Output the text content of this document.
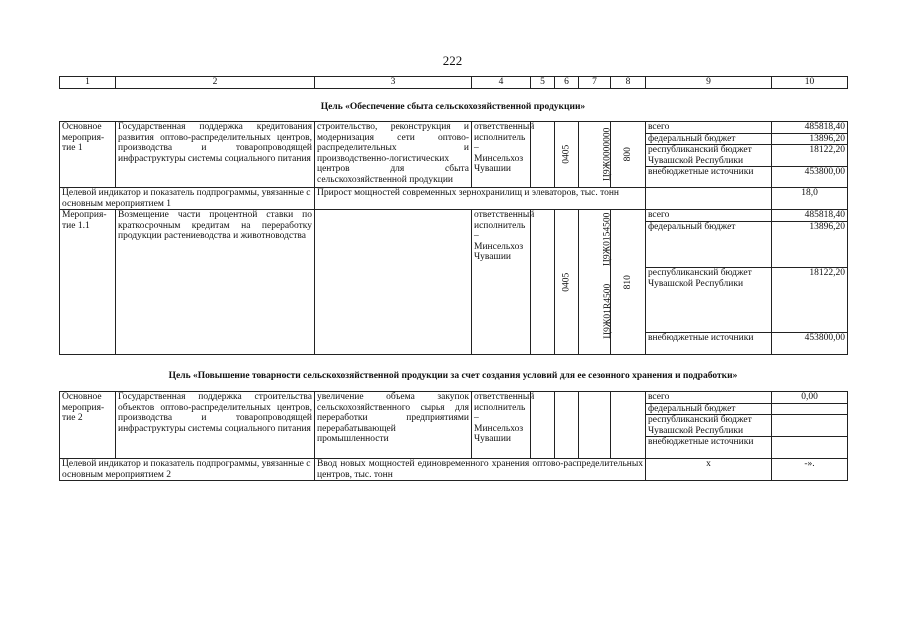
222
1	2	3	4	5	6	7	8	9	10
Цель «Обеспечение сбыта сельскохозяйственной продукции»
Основное мероприя-тие 1	Государственная поддержка кредитования развития оптово-распределительных центров, производства и товаропроводящей инфраструктуры системы социального питания	строительство, реконструкция и модернизация сети оптово-распределительных и производственно-логистических центров для сбыта сельскохозяйственной продукции	ответственный исполнитель – Минсельхоз Чувашии		0405	Ц9Ж0000000	800	всего	485818,40
								федеральный бюджет	13896,20
								республиканский бюджет Чувашской Республики	18122,20
								внебюджетные источники	453800,00
Целевой индикатор и показатель подпрограммы, увязанные с основным мероприятием 1		Прирост мощностей современных зернохранилищ и элеваторов, тыс. тонн							18,0
Мероприя-тие 1.1	Возмещение части процентной ставки по краткосрочным кредитам на переработку продукции растениеводства и животноводства		ответственный исполнитель – Минсельхоз Чувашии		0405	Ц9Ж0154500	810	всего	485818,40
								федеральный бюджет	13896,20
						Ц9Ж01R4500		республиканский бюджет Чувашской Республики	18122,20
								внебюджетные источники	453800,00
Цель «Повышение товарности сельскохозяйственной продукции за счет создания условий для ее сезонного хранения и подработки»
Основное мероприя-тие 2	Государственная поддержка строительства объектов оптово-распределительных центров, производства и товаропроводящей инфраструктуры системы социального питания	увеличение объема закупок сельскохозяйственного сырья для переработки предприятиями перерабатывающей промышленности	ответственный исполнитель – Минсельхоз Чувашии					всего	0,00
								федеральный бюджет	
								республиканский бюджет Чувашской Республики	
								внебюджетные источники	
Целевой индикатор и показатель подпрограммы, увязанные с основным мероприятием 2		Ввод новых мощностей единовременного хранения оптово-распределительных центров, тыс. тонн						х	-».
